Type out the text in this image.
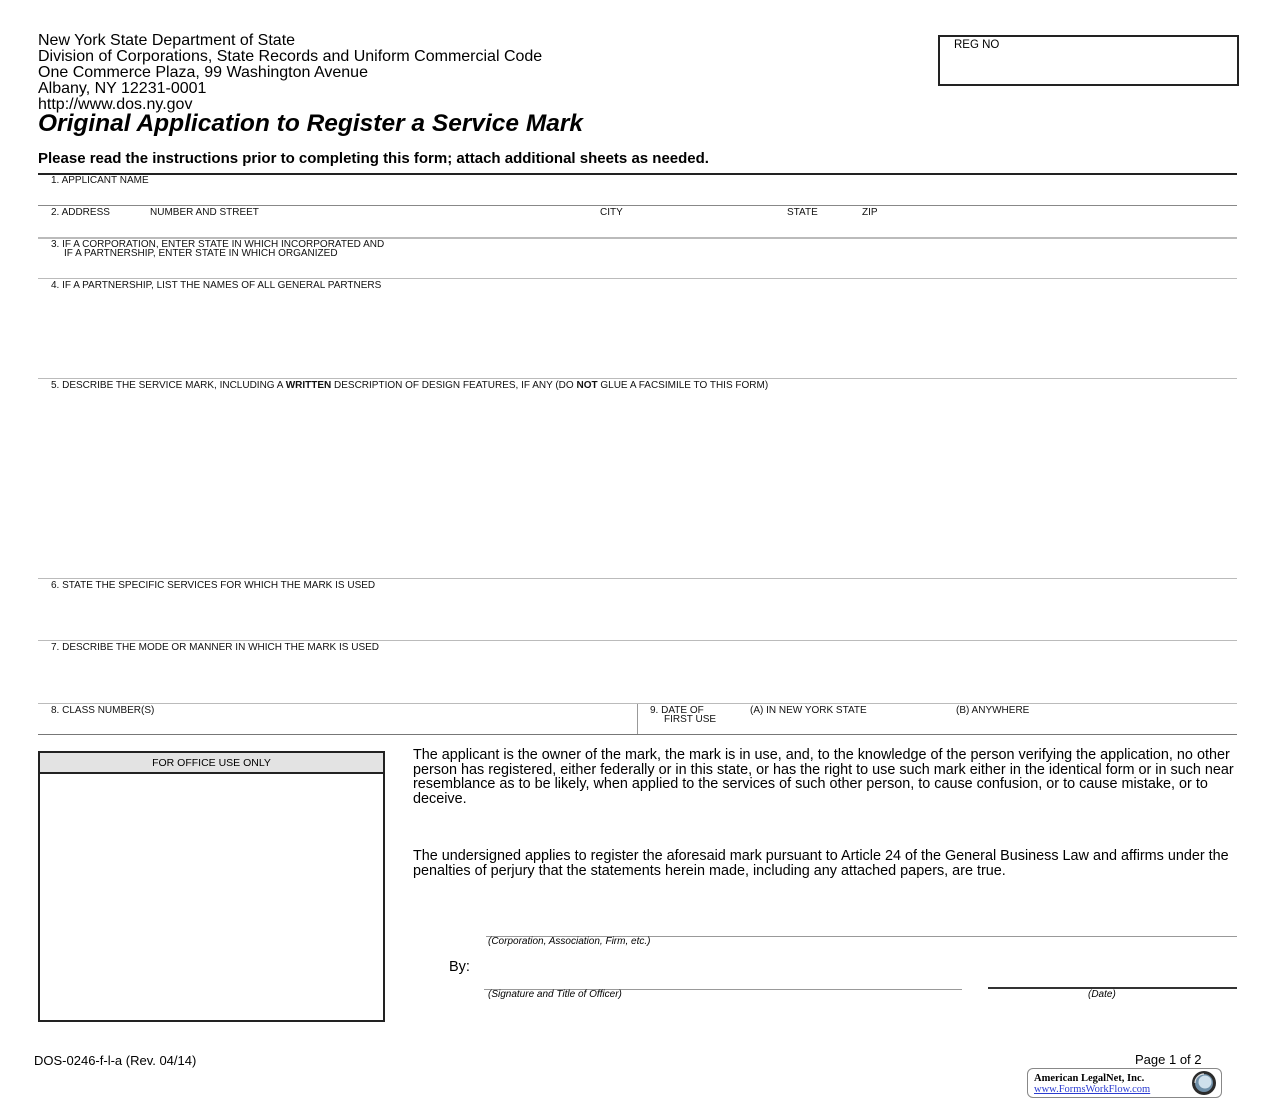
New York State Department of State
Division of Corporations, State Records and Uniform Commercial Code
One Commerce Plaza, 99 Washington Avenue
Albany, NY 12231-0001
http://www.dos.ny.gov
REG NO
Original Application to Register a Service Mark
Please read the instructions prior to completing this form; attach additional sheets as needed.
1. APPLICANT NAME
2. ADDRESS	NUMBER AND STREET	CITY	STATE	ZIP
3. IF A CORPORATION, ENTER STATE IN WHICH INCORPORATED AND
IF A PARTNERSHIP, ENTER STATE IN WHICH ORGANIZED
4. IF A PARTNERSHIP, LIST THE NAMES OF ALL GENERAL PARTNERS
5. DESCRIBE THE SERVICE MARK, INCLUDING A WRITTEN DESCRIPTION OF DESIGN FEATURES, IF ANY (DO NOT GLUE A FACSIMILE TO THIS FORM)
6. STATE THE SPECIFIC SERVICES FOR WHICH THE MARK IS USED
7. DESCRIBE THE MODE OR MANNER IN WHICH THE MARK IS USED
8. CLASS NUMBER(S)	9. DATE OF
FIRST USE
(A) IN NEW YORK STATE	(B) ANYWHERE
FOR OFFICE USE ONLY	The applicant is the owner of the mark, the mark is in use, and, to the knowledge of the person verifying the application, no other person has registered, either federally or in this state, or has the right to use such mark either in the identical form or in such near resemblance as to be likely, when applied to the services of such other person, to cause confusion, or to cause mistake, or to deceive.
The undersigned applies to register the aforesaid mark pursuant to Article 24 of the General Business Law and affirms under the penalties of perjury that the statements herein made, including any attached papers, are true.
(Corporation, Association, Firm, etc.)
By:
(Signature and Title of Officer)	(Date)
DOS-0246-f-l-a (Rev. 04/14)	Page 1 of 2
American LegalNet, Inc.
www.FormsWorkFlow.com
